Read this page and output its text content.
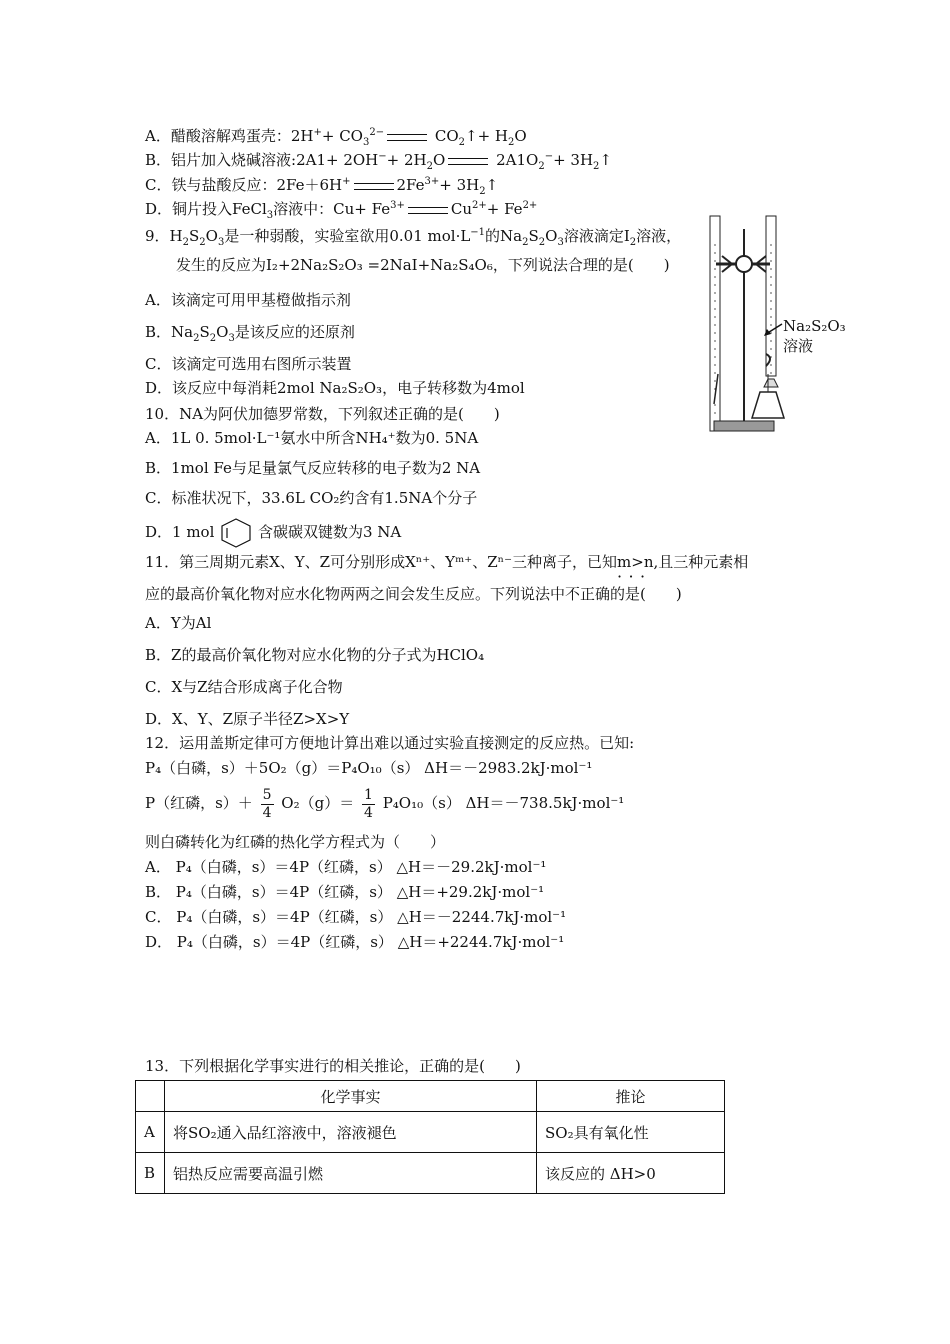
A．醋酸溶解鸡蛋壳：$2H^++ CO_3^{2-}$	$CO_2↑+ H_2O$
B．铝片加入烧碱溶液:2A1+ $2OH^-+ 2H_2O$	$2A1O_2^-+$ $3H_2↑$
C．铁与盐酸反应：2Fe＋6H+	$2Fe^{3+}+$ $3H_2↑$
D．铜片投入FeCl$_3$溶液中：$Cu+ Fe^{3+}$	$Cu^{2+}+ Fe^{2+}$
9．$H_2S_2O_3$是一种弱酸，实验室欲用0.01 $mol\cdot L^{-1}$的$Na_2S_2O_3$溶液滴定$I_2$溶液，
发生的反应为I₂+2Na₂S₂O₃ =2NaI+Na₂S₄O₆，下列说法合理的是(　　)
A．该滴定可用甲基橙做指示剂
B．$Na_2S_2O_3$是该反应的还原剂
C．该滴定可选用右图所示装置
D．该反应中每消耗2mol Na₂S₂O₃，电子转移数为4mol
Na₂S₂O₃
溶液
10．NA为阿伏加德罗常数，下列叙述正确的是(　　)
A．1L 0. 5mol·L⁻¹氨水中所含NH₄⁺数为0. 5NA
B．1mol Fe与足量氯气反应转移的电子数为2 NA
C．标准状况下，33.6L CO₂约含有1.5NA个分子
D．1 mol	含碳碳双键数为3 NA
11．第三周期元素X、Y、Z可分别形成Xⁿ⁺、Yᵐ⁺、Zⁿ⁻三种离子，已知m>n,且三种元素相
·  ·  ·
应的最高价氧化物对应水化物两两之间会发生反应。下列说法中不正确的是(　　)
A．Y为Al
B．Z的最高价氧化物对应水化物的分子式为HClO₄
C．X与Z结合形成离子化合物
D．X、Y、Z原子半径Z>X>Y
12．运用盖斯定律可方便地计算出难以通过实验直接测定的反应热。已知:
P₄（白磷，s）＋5O₂（g）＝P₄O₁₀（s） ΔH＝－2983.2kJ·mol⁻¹
P（红磷，$s)+ \frac{5}{4} O_2(g)= \frac{1}{4} P_4O_{10}(s)$ ΔH＝－738.5kJ·mol⁻¹
则白磷转化为红磷的热化学方程式为（　　）
A． P₄（白磷，s）＝4P（红磷，s） △H＝－29.2kJ·mol⁻¹
B． P₄（白磷，s）＝4P（红磷，s） △H＝+29.2kJ·mol⁻¹
C． P₄（白磷，s）＝4P（红磷，s） △H＝－2244.7kJ·mol⁻¹
D． P₄（白磷，s）＝4P（红磷，s） △H＝+2244.7kJ·mol⁻¹
13．下列根据化学事实进行的相关推论，正确的是(　　)
	化学事实	推论
A	将SO₂通入品红溶液中，溶液褪色	SO₂具有氧化性
B	铝热反应需要高温引燃	该反应的 ΔH>0
